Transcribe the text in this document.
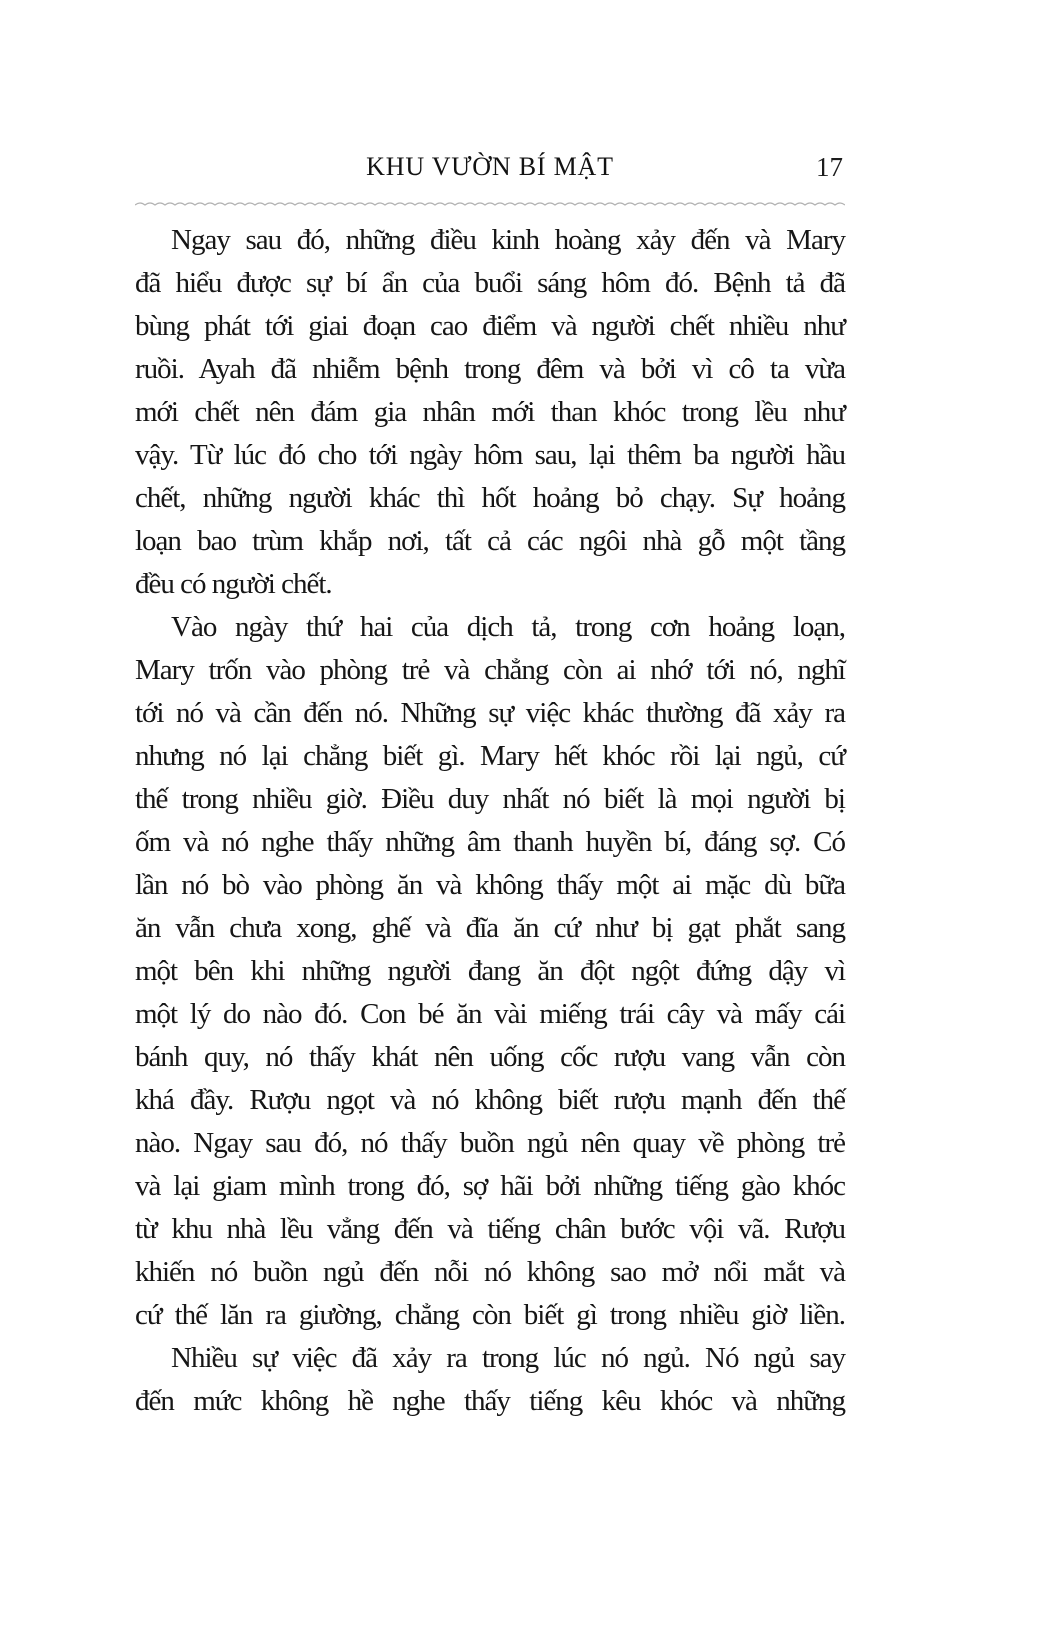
KHU VƯỜN BÍ MẬT	17
Ngay sau đó, những điều kinh hoàng xảy đến và Mary
đã hiểu được sự bí ẩn của buổi sáng hôm đó. Bệnh tả đã
bùng phát tới giai đoạn cao điểm và người chết nhiều như
ruồi. Ayah đã nhiễm bệnh trong đêm và bởi vì cô ta vừa
mới chết nên đám gia nhân mới than khóc trong lều như
vậy. Từ lúc đó cho tới ngày hôm sau, lại thêm ba người hầu
chết, những người khác thì hốt hoảng bỏ chạy. Sự hoảng
loạn bao trùm khắp nơi, tất cả các ngôi nhà gỗ một tầng
đều có người chết.
Vào ngày thứ hai của dịch tả, trong cơn hoảng loạn,
Mary trốn vào phòng trẻ và chẳng còn ai nhớ tới nó, nghĩ
tới nó và cần đến nó. Những sự việc khác thường đã xảy ra
nhưng nó lại chẳng biết gì. Mary hết khóc rồi lại ngủ, cứ
thế trong nhiều giờ. Điều duy nhất nó biết là mọi người bị
ốm và nó nghe thấy những âm thanh huyền bí, đáng sợ. Có
lần nó bò vào phòng ăn và không thấy một ai mặc dù bữa
ăn vẫn chưa xong, ghế và đĩa ăn cứ như bị gạt phắt sang
một bên khi những người đang ăn đột ngột đứng dậy vì
một lý do nào đó. Con bé ăn vài miếng trái cây và mấy cái
bánh quy, nó thấy khát nên uống cốc rượu vang vẫn còn
khá đầy. Rượu ngọt và nó không biết rượu mạnh đến thế
nào. Ngay sau đó, nó thấy buồn ngủ nên quay về phòng trẻ
và lại giam mình trong đó, sợ hãi bởi những tiếng gào khóc
từ khu nhà lều vẳng đến và tiếng chân bước vội vã. Rượu
khiến nó buồn ngủ đến nỗi nó không sao mở nổi mắt và
cứ thế lăn ra giường, chẳng còn biết gì trong nhiều giờ liền.
Nhiều sự việc đã xảy ra trong lúc nó ngủ. Nó ngủ say
đến mức không hề nghe thấy tiếng kêu khóc và những
